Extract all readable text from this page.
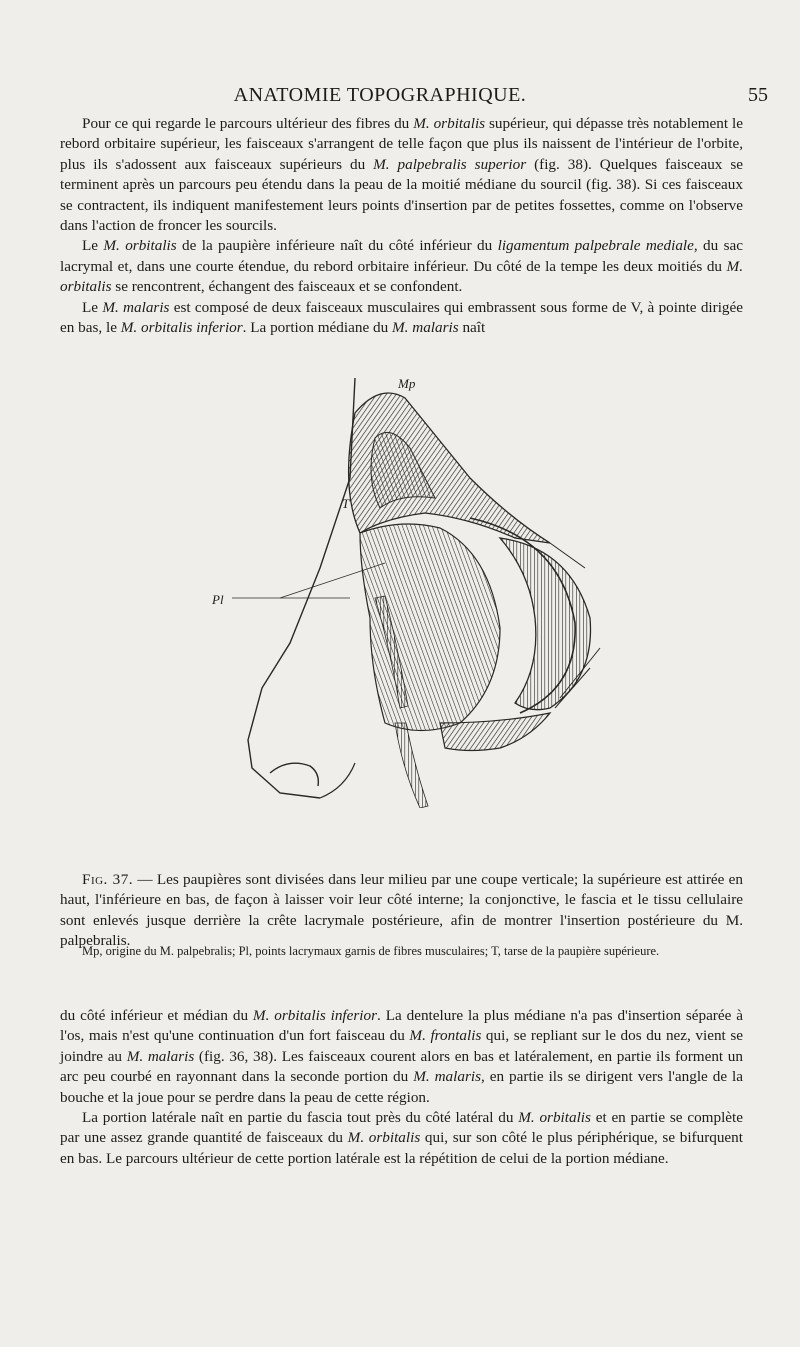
ANATOMIE TOPOGRAPHIQUE.	55

Pour ce qui regarde le parcours ultérieur des fibres du M. orbitalis supérieur, qui dépasse très notablement le rebord orbitaire supérieur, les faisceaux s'arrangent de telle façon que plus ils naissent de l'intérieur de l'orbite, plus ils s'adossent aux faisceaux supérieurs du M. palpebralis superior (fig. 38). Quelques faisceaux se terminent après un parcours peu étendu dans la peau de la moitié médiane du sourcil (fig. 38). Si ces faisceaux se contractent, ils indiquent manifestement leurs points d'insertion par de petites fossettes, comme on l'observe dans l'action de froncer les sourcils.

Le M. orbitalis de la paupière inférieure naît du côté inférieur du ligamentum palpebrale mediale, du sac lacrymal et, dans une courte étendue, du rebord orbitaire inférieur. Du côté de la tempe les deux moitiés du M. orbitalis se rencontrent, échangent des faisceaux et se confondent.

Le M. malaris est composé de deux faisceaux musculaires qui embrassent sous forme de V, à pointe dirigée en bas, le M. orbitalis inferior. La portion médiane du M. malaris naît

Mp
T
Pl

Fig. 37. — Les paupières sont divisées dans leur milieu par une coupe verticale; la supérieure est attirée en haut, l'inférieure en bas, de façon à laisser voir leur côté interne; la conjonctive, le fascia et le tissu cellulaire sont enlevés jusque derrière la crête lacrymale postérieure, afin de montrer l'insertion postérieure du M. palpebralis.

Mp, origine du M. palpebralis; Pl, points lacrymaux garnis de fibres musculaires; T, tarse de la paupière supérieure.

du côté inférieur et médian du M. orbitalis inferior. La dentelure la plus médiane n'a pas d'insertion séparée à l'os, mais n'est qu'une continuation d'un fort faisceau du M. frontalis qui, se repliant sur le dos du nez, vient se joindre au M. malaris (fig. 36, 38). Les faisceaux courent alors en bas et latéralement, en partie ils forment un arc peu courbé en rayonnant dans la seconde portion du M. malaris, en partie ils se dirigent vers l'angle de la bouche et la joue pour se perdre dans la peau de cette région.

La portion latérale naît en partie du fascia tout près du côté latéral du M. orbitalis et en partie se complète par une assez grande quantité de faisceaux du M. orbitalis qui, sur son côté le plus périphérique, se bifurquent en bas. Le parcours ultérieur de cette portion latérale est la répétition de celui de la portion médiane.
